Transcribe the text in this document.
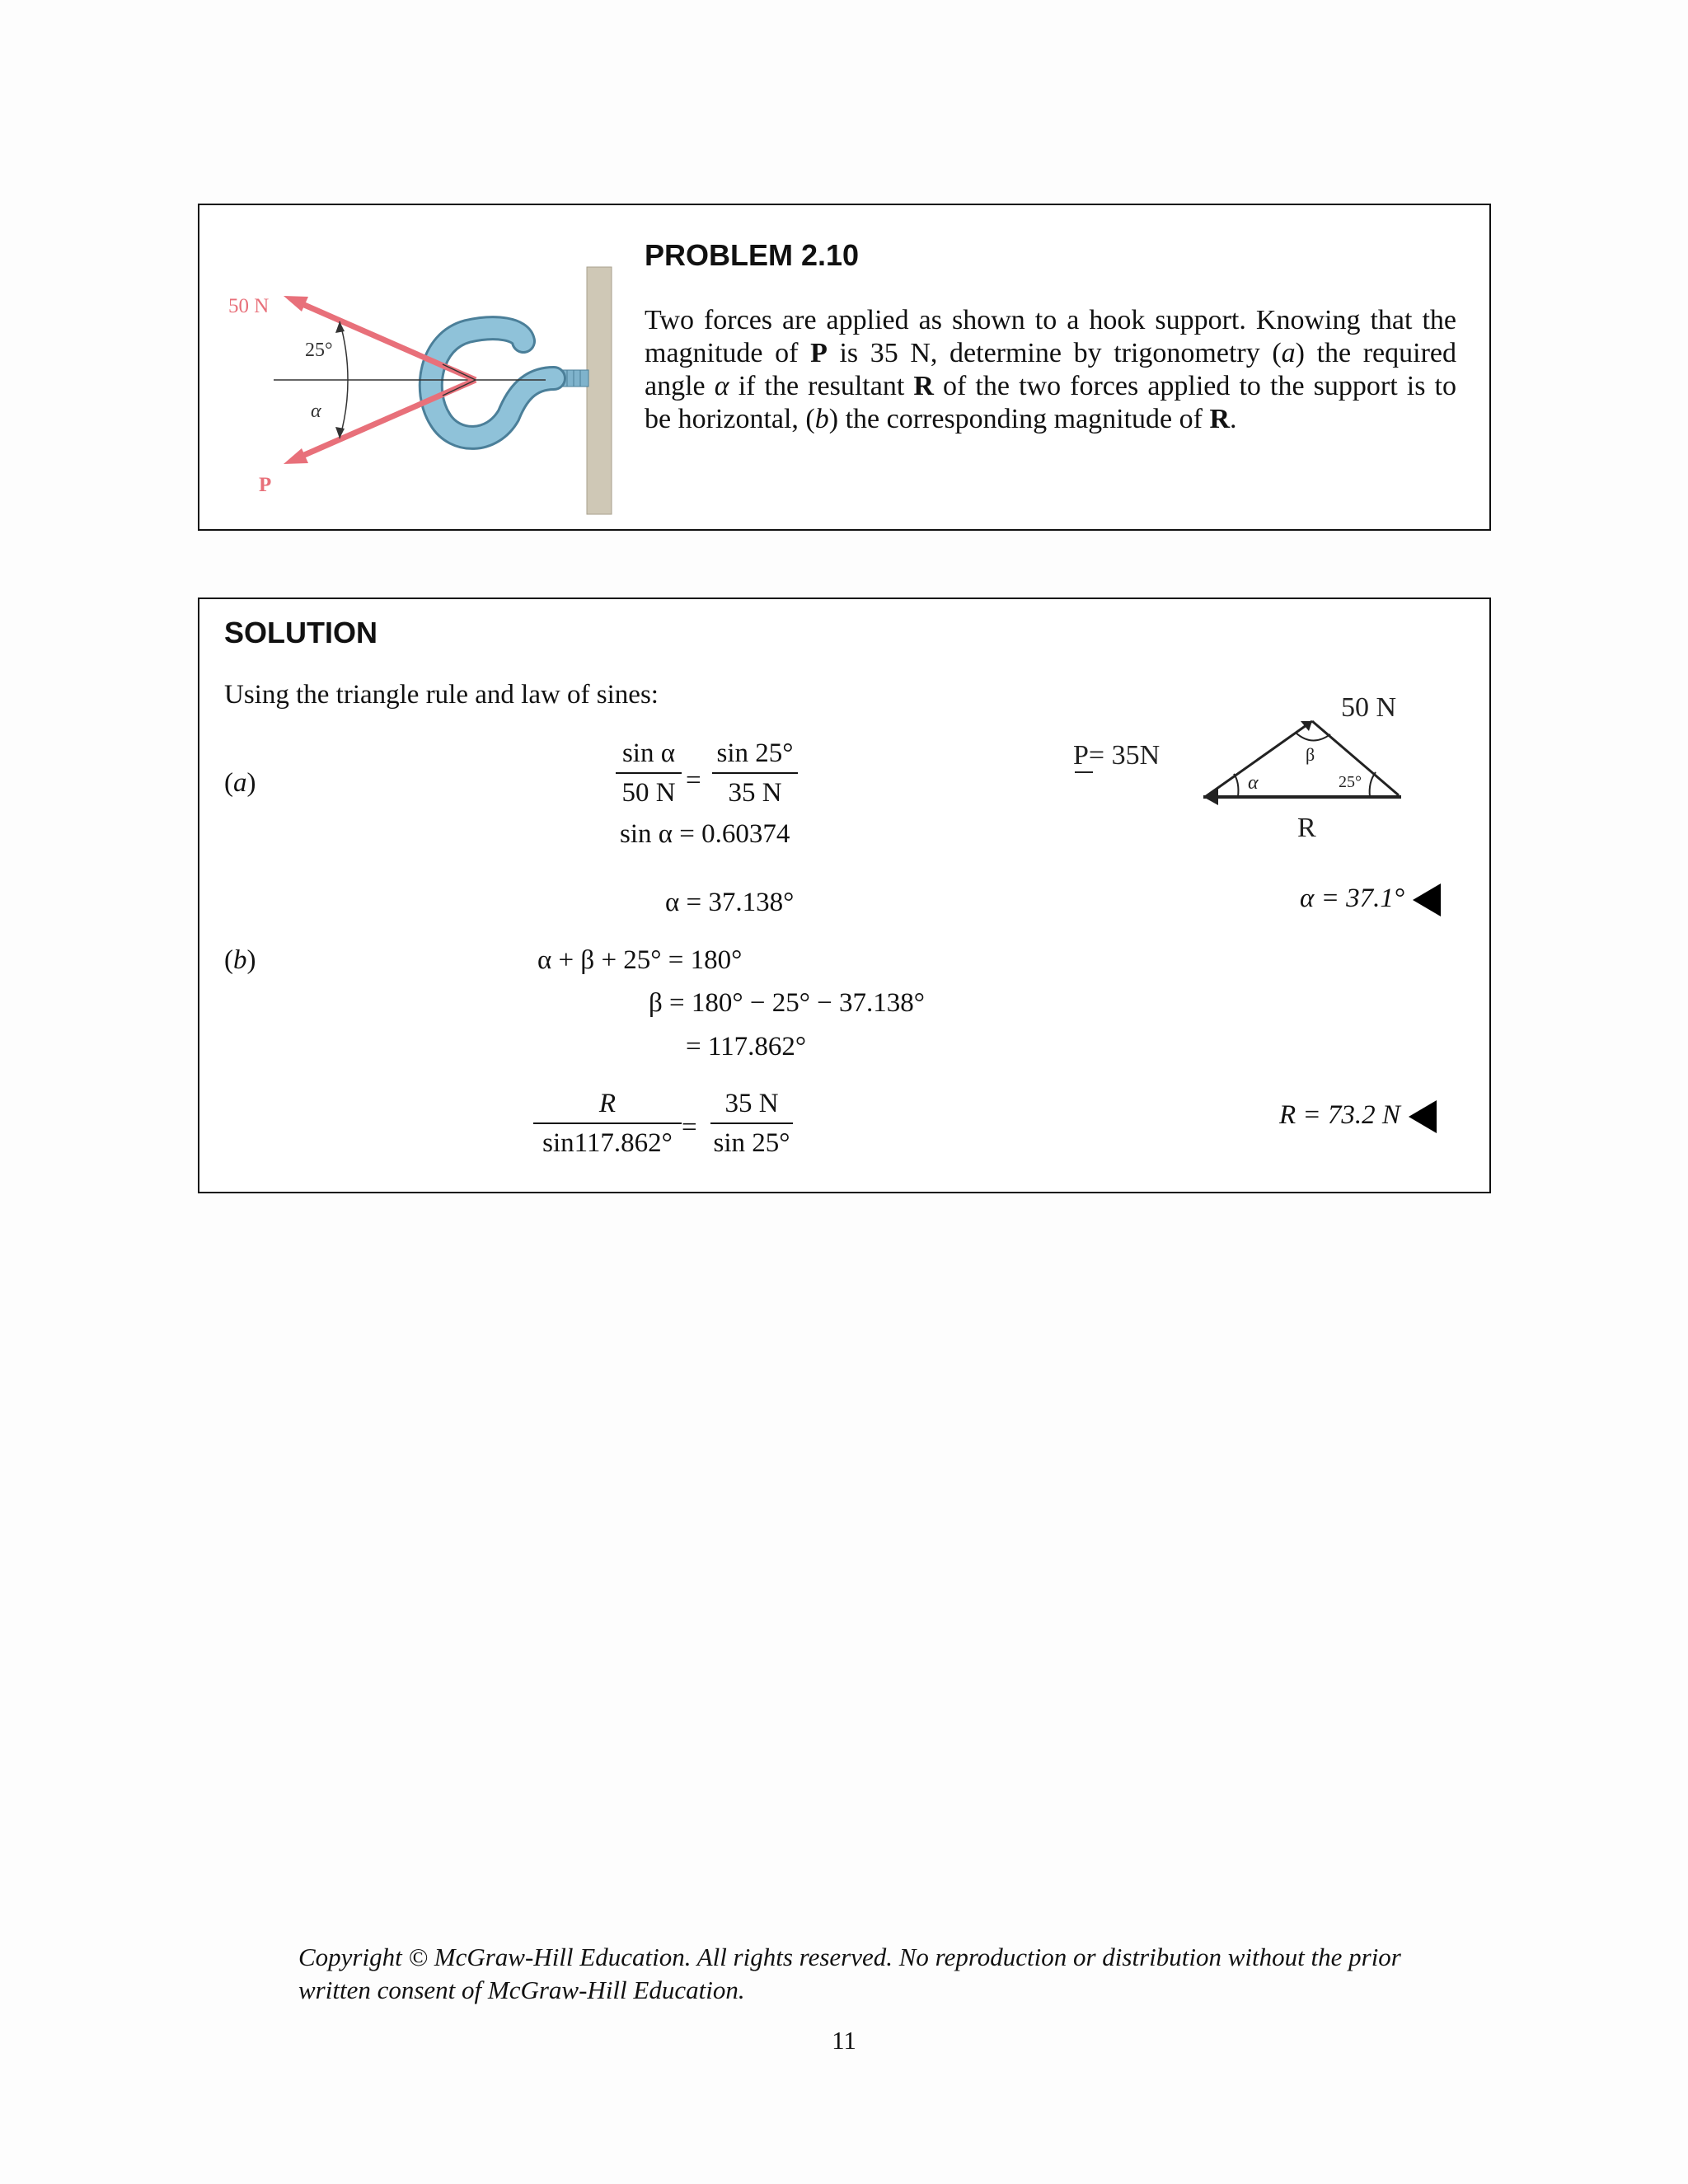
50 N
25°
α
P
PROBLEM 2.10
Two forces are applied as shown to a hook support. Knowing that the magnitude of P is 35 N, determine by trigonometry (a) the required angle α if the resultant R of the two forces applied to the support is to be horizontal, (b) the corresponding magnitude of R.
SOLUTION
Using the triangle rule and law of sines:
(a)
sin α
50 N =
sin 25°
35 N
sin α = 0.60374
α = 37.138°	α = 37.1°
(b)	α + β + 25° = 180°
β = 180° − 25° − 37.138°
= 117.862°
R
sin117.862°
=
35 N
sin 25°
R = 73.2 N
P= 35N
50 N
α
β
25°
R
Copyright © McGraw-Hill Education. All rights reserved. No reproduction or distribution without the prior written consent of McGraw-Hill Education.
11
